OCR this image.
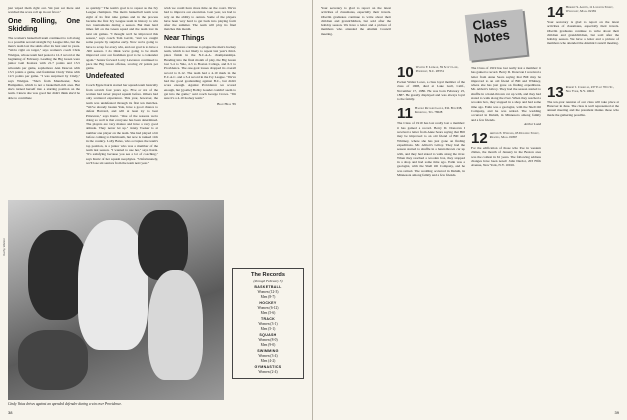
just wiped them right out. We just sat there and watched the score roll up in our favor."

One Rolling, One Skidding

The women's basketball team continued to roll along to a possible second straight Ivy League title, but the men's team lost the skids after its best start in years. "We're right on target," says women's coach Chris Wielgus, whose team had posted a 12-3 record at the beginning of February. Leading the Big Green were junior Gail Koziara with 21.7 points and 13.5 rebounds per game, sophomore Ann Deacon with 13.5 points a game, and freshman Cindy Vaias with 12.5 points per game. "I was surprised by Cindy," says Wielgus. "She's from Manchester, New Hampshire, which is not a basketball-rich area. But she's turned herself into a starting position on the team. I knew she was good but didn't think she'd be able to contribute

so quickly." The team's goal is to repeat as the Ivy League champion. The men's basketball team won eight of its first nine games and in the process became the first Ivy League team in history to win two tournaments during a season. But then hard times fell on the Green squad and the team lost its next six games. "I thought we'd be improved this season," says coach Tom Gavitt, "and we caught some people by surprise early. Now we're going to have to scrap for every win, and our goal is to have a .500 season. I do think we're going to be much improved over our freshman goal to be a contender again." Senior forward Larry Lawrence continued to pace the Big Green offense, scoring 22 points per game.

Undefeated

Coach Eppie Kurtz started her squash team basically from scratch four years ago. Five or six of the women had never played squash before. Others had only scattered experience. This year, however, the team was undefeated through its first ten matches. "We've already beaten Yale, have a good chance to defeat Harvard, and will at least try to beat Princeton," says Kurtz. "One of the reasons we're doing so well is that everyone has been determined. The players are very mature and have a very good attitude. They never let up." Jenny Tooker is at number one player on the team. She had played a bit before coming to Dartmouth, but now is ranked 11th in the country. Lolly Bates, who occupies the team's top position, is a junior who was a member of the team last season. "I wanted to use her," says Kurtz. "It's satisfying because you see a lot of coaching," says Kurtz of her squash neophytes. "Unfortunately, we'll lose six seniors from the team next year."

wish we could have more time on the court. We've had to improve our execution. Last year, we had to rely on the ability to outrun. Some of the players have been very hard to get back into playing form after the summer. The team will play its final matches this month.

Near Things

Close decisions continue to plague the men's hockey team, which is not likely to repeat last year's third-place finish in the N.C.A.A. championships. Heading into the final month of play, the Big Green lost 5-4 to Yale, 4-3 to Boston College, and 6-5 to Providence. The one-goal losses dropped its overall record to 6-12. The team had a 4-10 mark in the E.C.A.C. and a 3-4 record in the Ivy League. "We've had the good goaltending against B.C., but didn't score enough. Against Providence we scored enough, but [goalie] Bobby Gaudet couldn't seem to get into the game," said coach George Crowe. "I'm sure it's a 4-10 hockey team."

Brad Hills '65
Kathy Walton
Cindy Vaias drives against an upended defender during a win over Providence.
The Records
(through February 5)
BASKETBALL
Women (12-3)
Men (8-7)
HOCKEY
Women (6-12)
Men (5-6)
TRACK
Women (3-1)
Men (5-1)
SQUASH
Women (8-0)
Men (9-0)
SWIMMING
Women (3-4)
Men (4-2)
GYMNASTICS
Women (2-4)
38
Class Notes

Your secretary is glad to report on the latest activities of classmates, especially their travels. Oberlin graduates continue to write about their children and grandchildren, but sold after the holiday season. We have a letter and a picture of members who attended the Alumni Council meeting.

10 Walter F. Lehman, 59 Scott Lane, Pinehurst, N.C. 28374

Pocket Walter Lowe, a class loyal member of the class of 1908, died at Lake Gull, Calif., November 17, 1980. He was born February 25, 1887. He greatly displayed and was always loyal to the family.

11 Harold Richard Gaule, P.O. Box 638, Kerrville, Tex. 78028

The Class of 1919 has lost really lost a member: it has gained a record. Berry D. Donovan I received a letter from Anne Sears saying that Bill may be improved to an old friend of Bill and Whitney, where she has just gone on finding expeditions. Mr. Abbott's Gilroy. They had the season started to shuffle in a hand-thrown car up with, and they had stated to walk along the river. When they reached a wooden box, they stopped in a shop and had some time ago. Ealin was a geologist, with the Shell Oil Company, and he was retired. The wedding occurred in Duluth, in Minnesota among family and a few friends.

The Class of 1919 has lost really lost a member: it has gained a record. Berry D. Donovan I received a letter from Anne Sears saying that Bill may be improved to an old friend of Bill and Whitney, where she has just gone on finding expeditions. Mr. Abbott's Gilroy. They had the season started to shuffle in a hand-thrown car up with, and they had stated to walk along the river. When they reached a wooden box, they stopped in a shop and had some time ago. Ealin was a geologist, with the Shell Oil Company, and he was retired. The wedding occurred in Duluth, in Minnesota among family and a few friends.

Arthur Lund
12 Arthur E. Wheeler, 65 Downing Street, Reading, Mass. 01867

For the edification of those who live in western climes, the month of January in the Boston area was the coldest in 61 years. The following address changes have been noted: John Dardot, 203 Fifth Avenue, New York, N.Y. 10016.

14 Herbert S. Austin, 11 Longdon Street, Wellesley, Mass. 02181

Your secretary is glad to report on the latest activities of classmates, especially their travels. Oberlin graduates continue to write about their children and grandchildren, but sold after the holiday season. We have a letter and a picture of members who attended the Alumni Council meeting.

13 Robert J. Corrigan, 237 East 70th St., New York, N.Y. 10021

The ten-year reunion of our class will take place at Hanover in June. The class is well represented at the annual meeting and the president thanks those who made the gathering possible.

39
